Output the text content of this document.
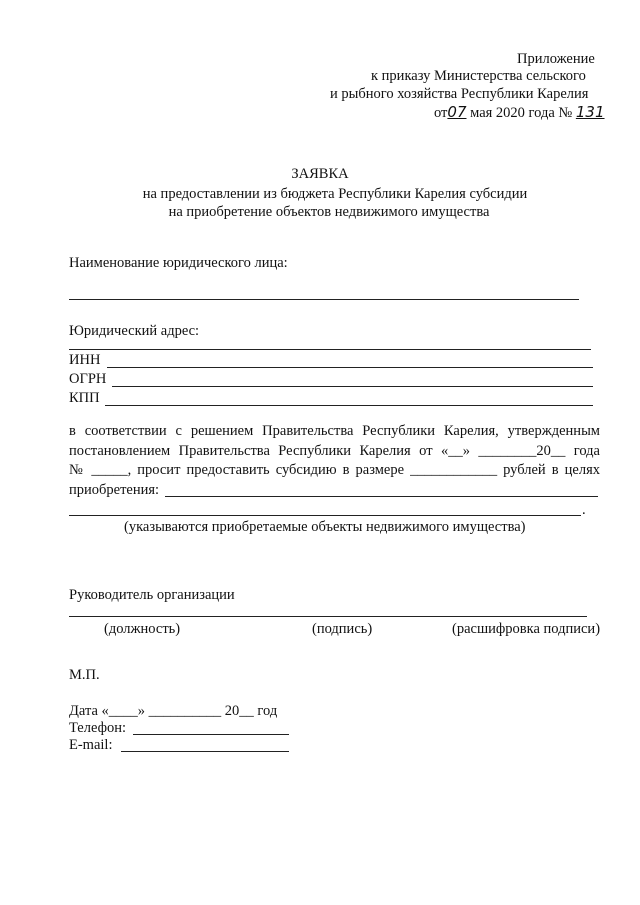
Приложение
к приказу Министерства сельского
и рыбного хозяйства Республики Карелия
от07 мая 2020 года № 131
ЗАЯВКА
на предоставлении из бюджета Республики Карелия субсидии
на приобретение объектов недвижимого имущества
Наименование юридического лица:
Юридический адрес:
ИНН
ОГРН
КПП
в соответствии с решением Правительства Республики Карелия, утвержденным
постановлением Правительства Республики Карелия от «__» ________20__ года
№ _____, просит предоставить субсидию в размере ____________ рублей в целях
приобретения:
.
(указываются приобретаемые объекты недвижимого имущества)
Руководитель организации
(должность)	(подпись)	(расшифровка подписи)
М.П.
Дата «____» __________ 20__ год
Телефон:
E-mail:
